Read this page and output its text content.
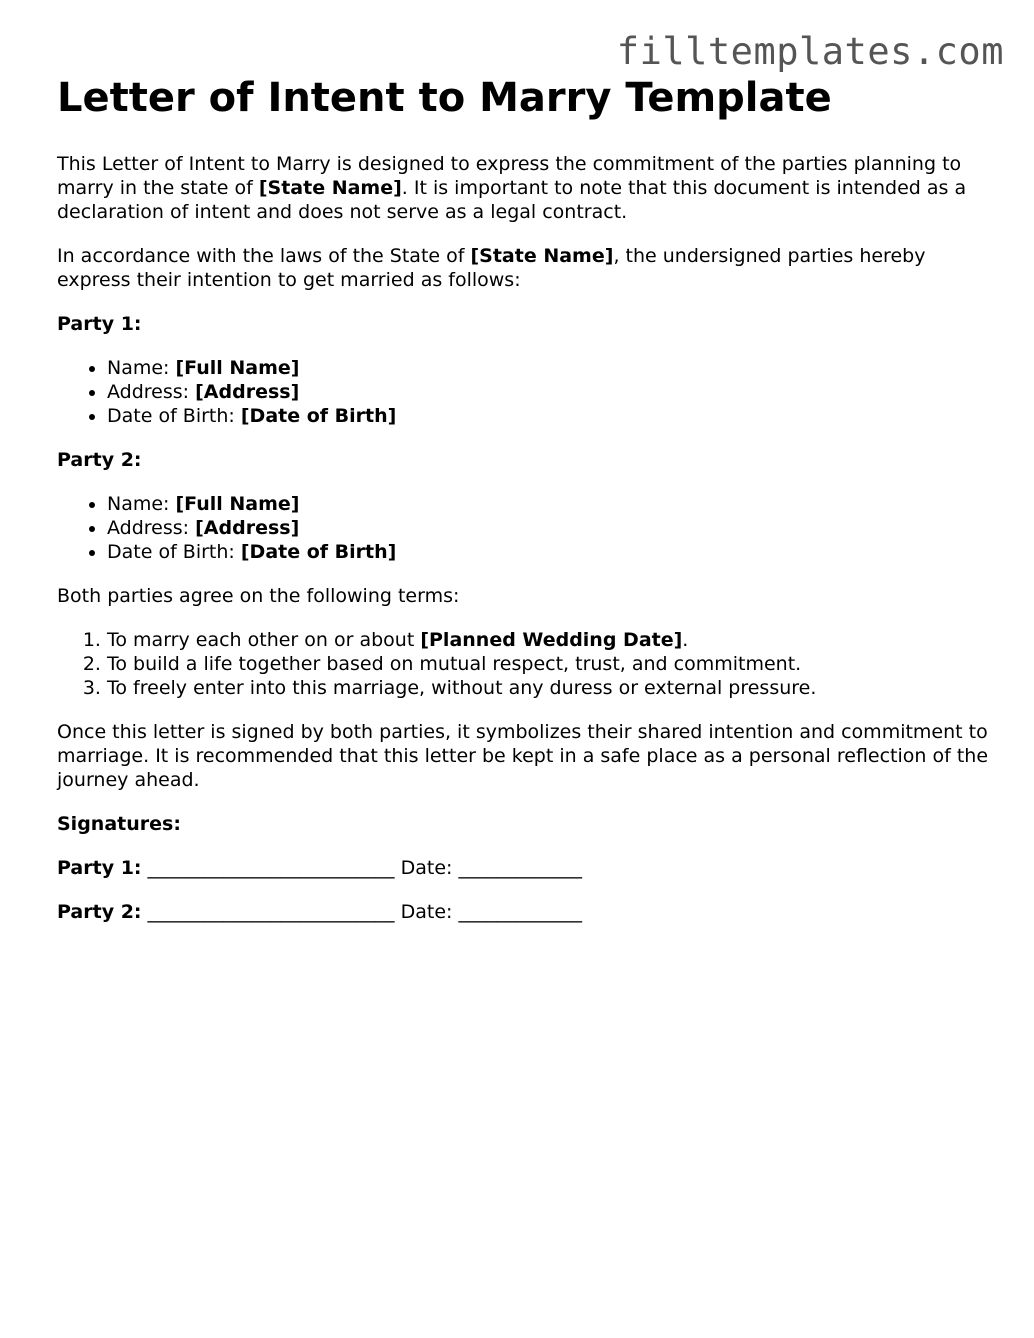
filltemplates.com
Letter of Intent to Marry Template

This Letter of Intent to Marry is designed to express the commitment of the parties planning to marry in the state of [State Name]. It is important to note that this document is intended as a declaration of intent and does not serve as a legal contract.

In accordance with the laws of the State of [State Name], the undersigned parties hereby express their intention to get married as follows:

Party 1:

• Name: [Full Name]
• Address: [Address]
• Date of Birth: [Date of Birth]

Party 2:

• Name: [Full Name]
• Address: [Address]
• Date of Birth: [Date of Birth]

Both parties agree on the following terms:

1. To marry each other on or about [Planned Wedding Date].
2. To build a life together based on mutual respect, trust, and commitment.
3. To freely enter into this marriage, without any duress or external pressure.

Once this letter is signed by both parties, it symbolizes their shared intention and commitment to marriage. It is recommended that this letter be kept in a safe place as a personal reflection of the journey ahead.

Signatures:

Party 1: __________________________ Date: _____________

Party 2: __________________________ Date: _____________
